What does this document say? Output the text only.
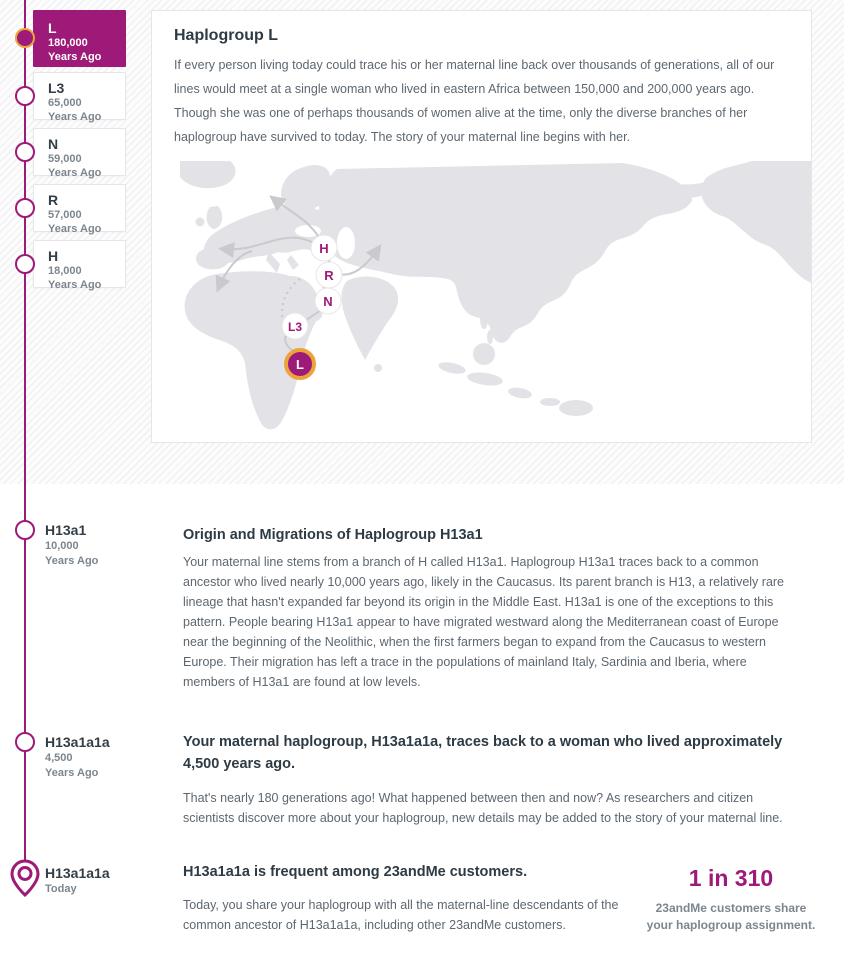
L
180,000
Years Ago
L3
65,000
Years Ago
N
59,000
Years Ago
R
57,000
Years Ago
H
18,000
Years Ago
H13a1
10,000
Years Ago
H13a1a1a
4,500
Years Ago
H13a1a1a
Today
Haplogroup L
If every person living today could trace his or her maternal line back over thousands of generations, all of our lines would meet at a single woman who lived in eastern Africa between 150,000 and 200,000 years ago. Though she was one of perhaps thousands of women alive at the time, only the diverse branches of her haplogroup have survived to today. The story of your maternal line begins with her.
H
R
N
L3
L
Origin and Migrations of Haplogroup H13a1
Your maternal line stems from a branch of H called H13a1. Haplogroup H13a1 traces back to a common ancestor who lived nearly 10,000 years ago, likely in the Caucasus. Its parent branch is H13, a relatively rare lineage that hasn't expanded far beyond its origin in the Middle East. H13a1 is one of the exceptions to this pattern. People bearing H13a1 appear to have migrated westward along the Mediterranean coast of Europe near the beginning of the Neolithic, when the first farmers began to expand from the Caucasus to western Europe. Their migration has left a trace in the populations of mainland Italy, Sardinia and Iberia, where members of H13a1 are found at low levels.
Your maternal haplogroup, H13a1a1a, traces back to a woman who lived approximately 4,500 years ago.
That's nearly 180 generations ago! What happened between then and now? As researchers and citizen scientists discover more about your haplogroup, new details may be added to the story of your maternal line.
H13a1a1a is frequent among 23andMe customers.
Today, you share your haplogroup with all the maternal-line descendants of the common ancestor of H13a1a1a, including other 23andMe customers.
1 in 310
23andMe customers share your haplogroup assignment.
